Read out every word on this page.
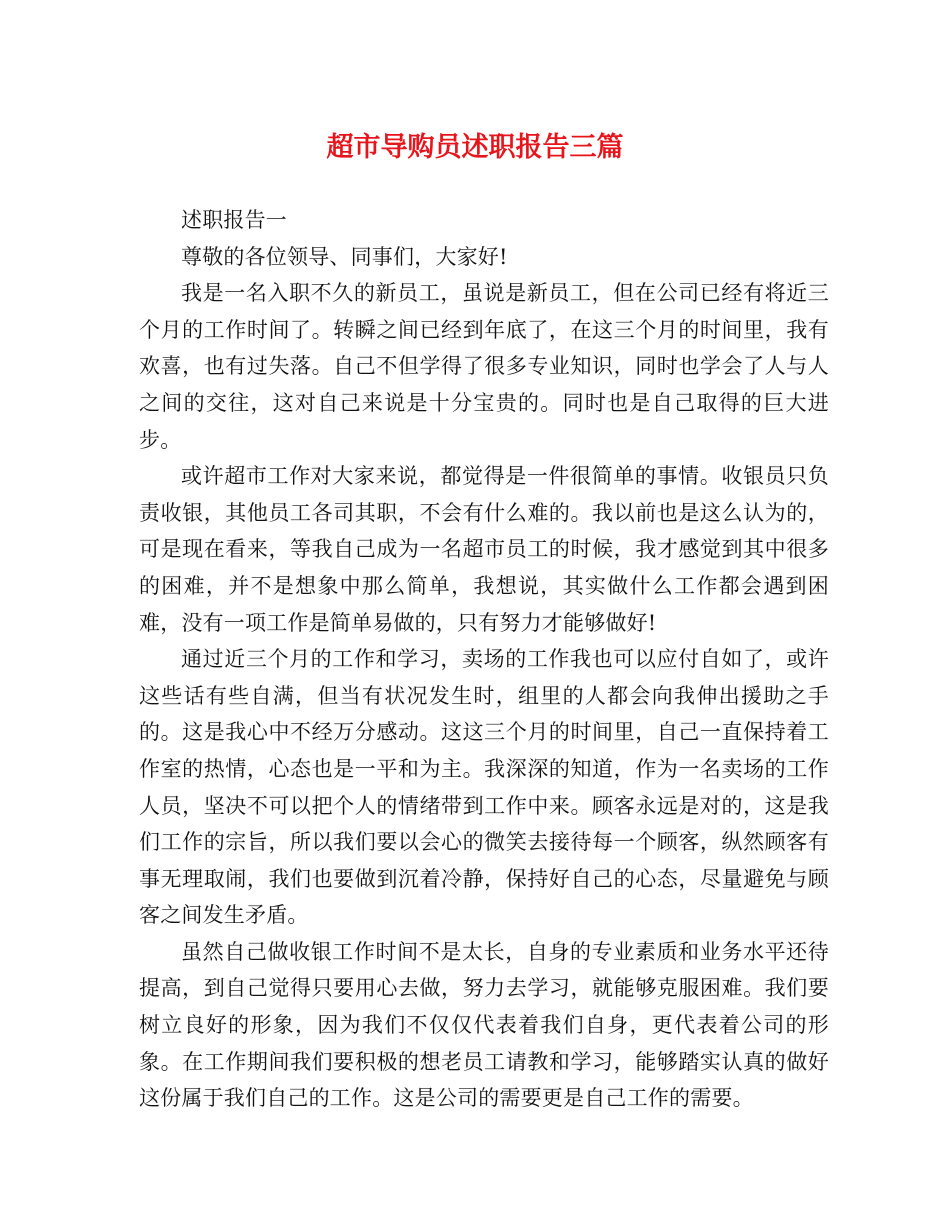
超市导购员述职报告三篇

述职报告一

尊敬的各位领导、同事们，大家好!

我是一名入职不久的新员工，虽说是新员工，但在公司已经有将近三个月的工作时间了。转瞬之间已经到年底了，在这三个月的时间里，我有欢喜，也有过失落。自己不但学得了很多专业知识，同时也学会了人与人之间的交往，这对自己来说是十分宝贵的。同时也是自己取得的巨大进步。

或许超市工作对大家来说，都觉得是一件很简单的事情。收银员只负责收银，其他员工各司其职，不会有什么难的。我以前也是这么认为的，可是现在看来，等我自己成为一名超市员工的时候，我才感觉到其中很多的困难，并不是想象中那么简单，我想说，其实做什么工作都会遇到困难，没有一项工作是简单易做的，只有努力才能够做好!

通过近三个月的工作和学习，卖场的工作我也可以应付自如了，或许这些话有些自满，但当有状况发生时，组里的人都会向我伸出援助之手的。这是我心中不经万分感动。这这三个月的时间里，自己一直保持着工作室的热情，心态也是一平和为主。我深深的知道，作为一名卖场的工作人员，坚决不可以把个人的情绪带到工作中来。顾客永远是对的，这是我们工作的宗旨，所以我们要以会心的微笑去接待每一个顾客，纵然顾客有事无理取闹，我们也要做到沉着冷静，保持好自己的心态，尽量避免与顾客之间发生矛盾。

虽然自己做收银工作时间不是太长，自身的专业素质和业务水平还待提高，到自己觉得只要用心去做，努力去学习，就能够克服困难。我们要树立良好的形象，因为我们不仅仅代表着我们自身，更代表着公司的形象。在工作期间我们要积极的想老员工请教和学习，能够踏实认真的做好这份属于我们自己的工作。这是公司的需要更是自己工作的需要。
